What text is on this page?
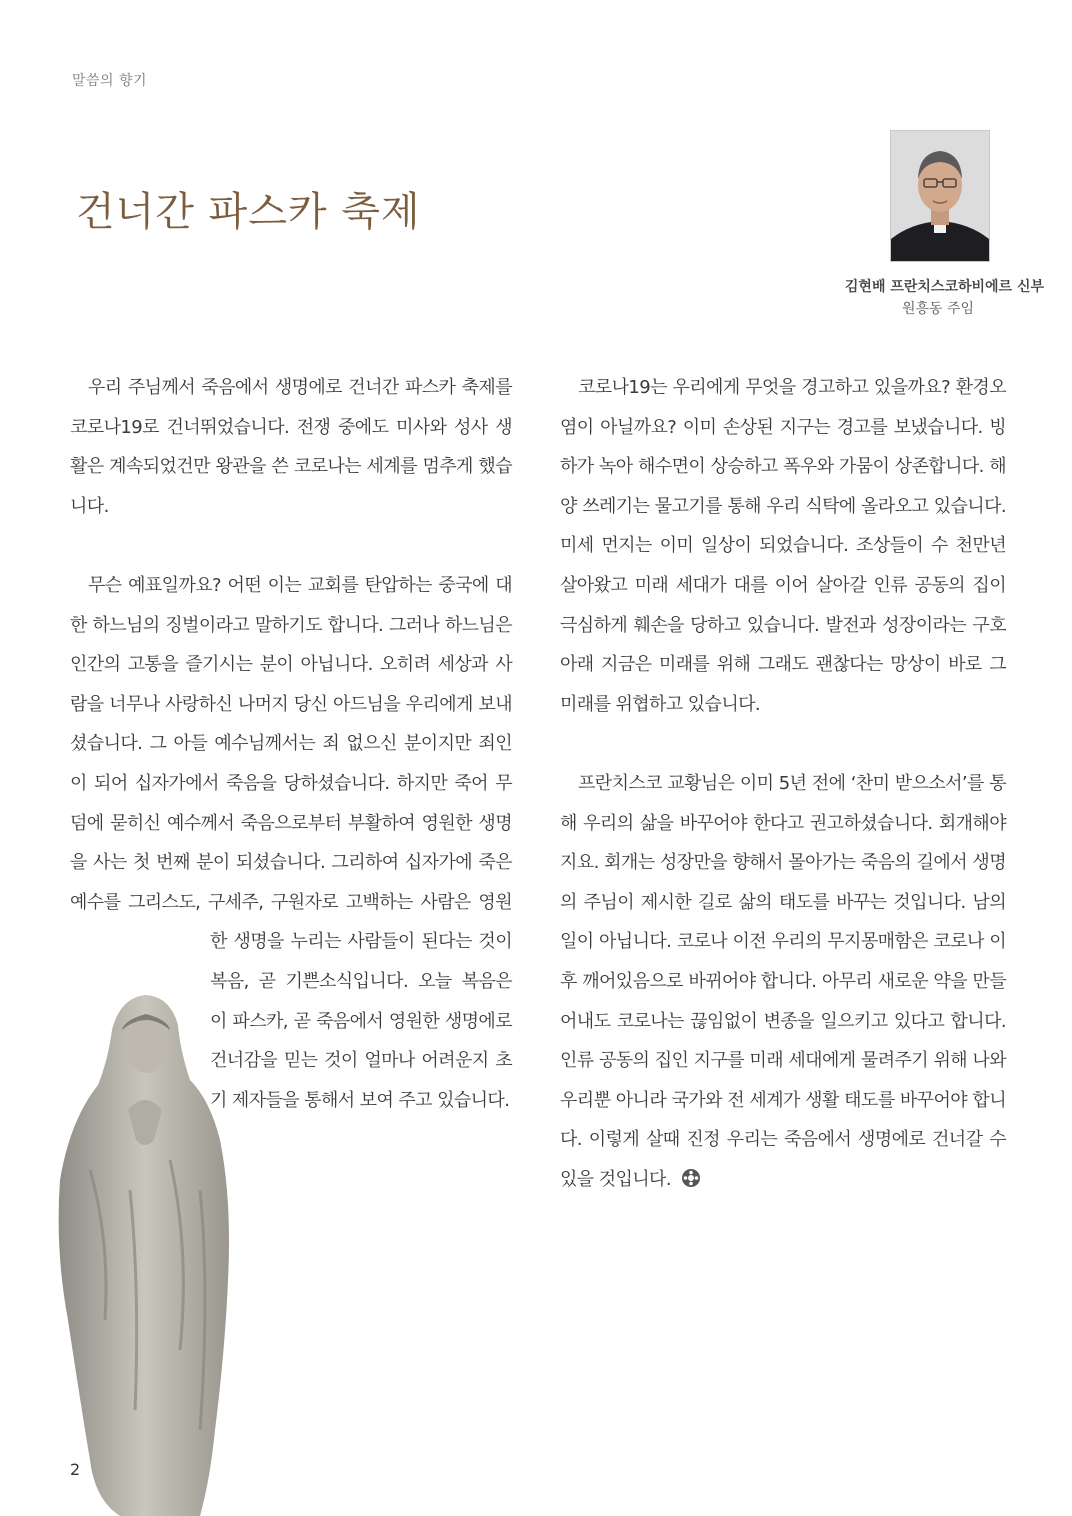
말씀의 향기
건너간 파스카 축제
김현배 프란치스코하비에르 신부
원흥동 주임

우리 주님께서 죽음에서 생명에로 건너간 파스카 축제를 코로나19로 건너뛰었습니다. 전쟁 중에도 미사와 성사 생활은 계속되었건만 왕관을 쓴 코로나는 세계를 멈추게 했습니다.

무슨 예표일까요? 어떤 이는 교회를 탄압하는 중국에 대한 하느님의 징벌이라고 말하기도 합니다. 그러나 하느님은 인간의 고통을 즐기시는 분이 아닙니다. 오히려 세상과 사람을 너무나 사랑하신 나머지 당신 아드님을 우리에게 보내셨습니다. 그 아들 예수님께서는 죄 없으신 분이지만 죄인이 되어 십자가에서 죽음을 당하셨습니다. 하지만 죽어 무덤에 묻히신 예수께서 죽음으로부터 부활하여 영원한 생명을 사는 첫 번째 분이 되셨습니다. 그리하여 십자가에 죽은 예수를 그리스도, 구세주, 구원자로 고백하는 사람은 영원한 생명을 누리는 사람들이 된다는 것이 복음, 곧 기쁜소식입니다. 오늘 복음은 이 파스카, 곧 죽음에서 영원한 생명에로 건너감을 믿는 것이 얼마나 어려운지 초기 제자들을 통해서 보여 주고 있습니다.

코로나19는 우리에게 무엇을 경고하고 있을까요? 환경오염이 아닐까요? 이미 손상된 지구는 경고를 보냈습니다. 빙하가 녹아 해수면이 상승하고 폭우와 가뭄이 상존합니다. 해양 쓰레기는 물고기를 통해 우리 식탁에 올라오고 있습니다. 미세 먼지는 이미 일상이 되었습니다. 조상들이 수 천만년 살아왔고 미래 세대가 대를 이어 살아갈 인류 공동의 집이 극심하게 훼손을 당하고 있습니다. 발전과 성장이라는 구호 아래 지금은 미래를 위해 그래도 괜찮다는 망상이 바로 그 미래를 위협하고 있습니다.

프란치스코 교황님은 이미 5년 전에 ‘찬미 받으소서’를 통해 우리의 삶을 바꾸어야 한다고 권고하셨습니다. 회개해야지요. 회개는 성장만을 향해서 몰아가는 죽음의 길에서 생명의 주님이 제시한 길로 삶의 태도를 바꾸는 것입니다. 남의 일이 아닙니다. 코로나 이전 우리의 무지몽매함은 코로나 이후 깨어있음으로 바뀌어야 합니다. 아무리 새로운 약을 만들어내도 코로나는 끊임없이 변종을 일으키고 있다고 합니다. 인류 공동의 집인 지구를 미래 세대에게 물려주기 위해 나와 우리뿐 아니라 국가와 전 세계가 생활 태도를 바꾸어야 합니다. 이렇게 살때 진정 우리는 죽음에서 생명에로 건너갈 수 있을 것입니다.

2
